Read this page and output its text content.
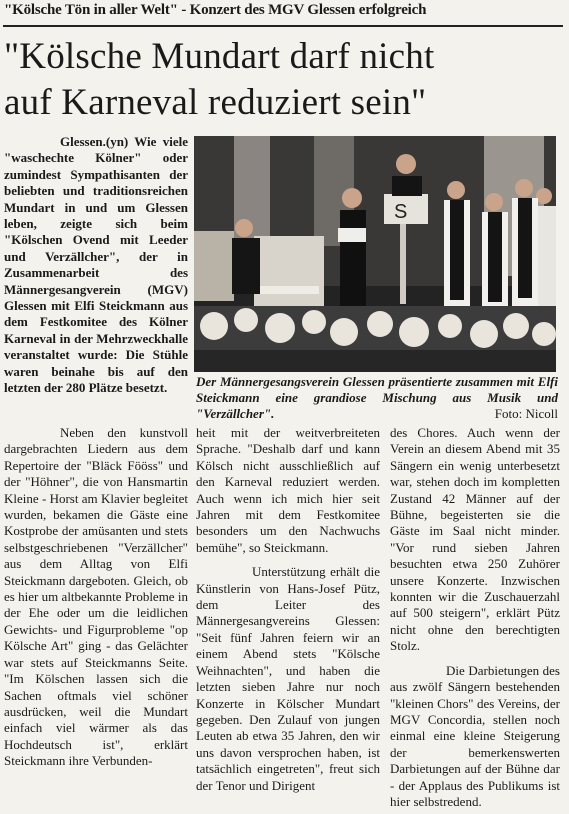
"Kölsche Tön in aller Welt" - Konzert des MGV Glessen erfolgreich
"Kölsche Mundart darf nicht
auf Karneval reduziert sein"

Glessen.(yn) Wie viele "waschechte Kölner" oder zumindest Sympathisanten der beliebten und traditionsreichen Mundart in und um Glessen leben, zeigte sich beim "Kölschen Ovend mit Leeder und Verzällcher", der in Zusammenarbeit des Männergesangverein (MGV) Glessen mit Elfi Steickmann aus dem Festkomitee des Kölner Karneval in der Mehrzweckhalle veranstaltet wurde: Die Stühle waren beinahe bis auf den letzten der 280 Plätze besetzt.

S
Der Männergesangsverein Glessen präsentierte zusammen mit Elfi Steickmann eine grandiose Mischung aus Musik und "Verzällcher".	Foto: Nicoll

Neben den kunstvoll dargebrachten Liedern aus dem Repertoire der "Bläck Fööss" und der "Höhner", die von Hansmartin Kleine - Horst am Klavier begleitet wurden, bekamen die Gäste eine Kostprobe der amüsanten und stets selbstgeschriebenen "Verzällcher" aus dem Alltag von Elfi Steickmann dargeboten. Gleich, ob es hier um altbekannte Probleme in der Ehe oder um die leidlichen Gewichts- und Figurprobleme "op Kölsche Art" ging - das Gelächter war stets auf Steickmanns Seite. "Im Kölschen lassen sich die Sachen oftmals viel schöner ausdrücken, weil die Mundart einfach viel wärmer als das Hochdeutsch ist", erklärt Steickmann ihre Verbunden-

heit mit der weitverbreiteten Sprache. "Deshalb darf und kann Kölsch nicht ausschließlich auf den Karneval reduziert werden. Auch wenn ich mich hier seit Jahren mit dem Festkomitee besonders um den Nachwuchs bemühe", so Steickmann.

Unterstützung erhält die Künstlerin von Hans-Josef Pütz, dem Leiter des Männergesangvereins Glessen: "Seit fünf Jahren feiern wir an einem Abend stets "Kölsche Weihnachten", und haben die letzten sieben Jahre nur noch Konzerte in Kölscher Mundart gegeben. Den Zulauf von jungen Leuten ab etwa 35 Jahren, den wir uns davon versprochen haben, ist tatsächlich eingetreten", freut sich der Tenor und Dirigent

des Chores. Auch wenn der Verein an diesem Abend mit 35 Sängern ein wenig unterbesetzt war, stehen doch im kompletten Zustand 42 Männer auf der Bühne, begeisterten sie die Gäste im Saal nicht minder. "Vor rund sieben Jahren besuchten etwa 250 Zuhörer unsere Konzerte. Inzwischen konnten wir die Zuschauerzahl auf 500 steigern", erklärt Pütz nicht ohne den berechtigten Stolz.

Die Darbietungen des aus zwölf Sängern bestehenden "kleinen Chors" des Vereins, der MGV Concordia, stellen noch einmal eine kleine Steigerung der bemerkenswerten Darbietungen auf der Bühne dar - der Applaus des Publikums ist hier selbstredend.
